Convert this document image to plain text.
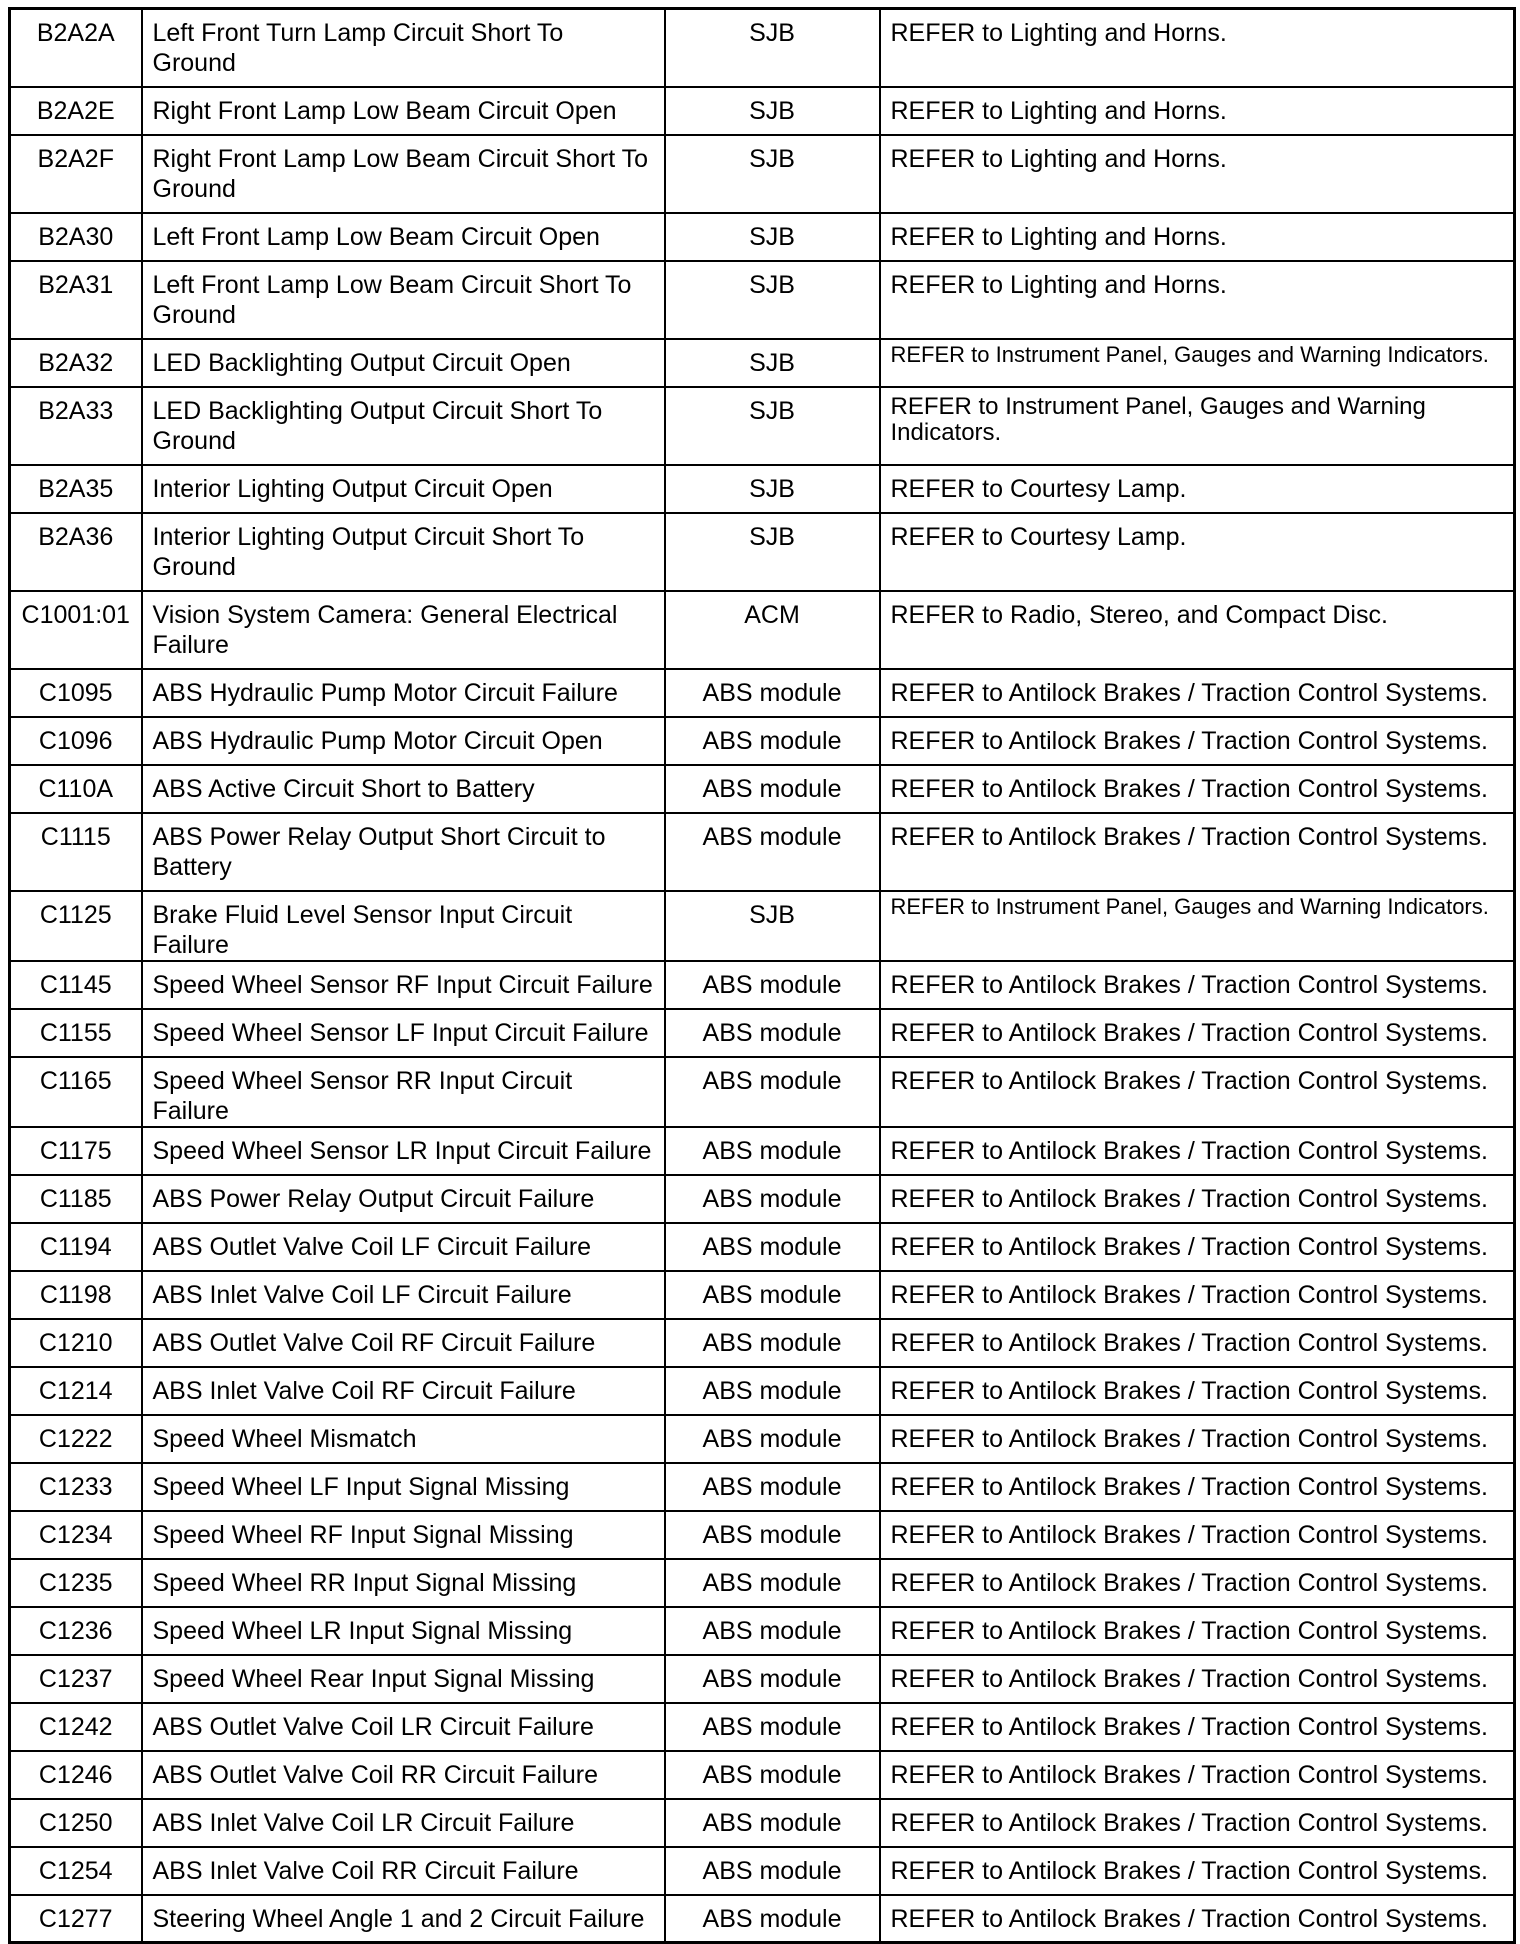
B2A2A	Left Front Turn Lamp Circuit Short To Ground	SJB	REFER to Lighting and Horns.
B2A2E	Right Front Lamp Low Beam Circuit Open	SJB	REFER to Lighting and Horns.
B2A2F	Right Front Lamp Low Beam Circuit Short To Ground	SJB	REFER to Lighting and Horns.
B2A30	Left Front Lamp Low Beam Circuit Open	SJB	REFER to Lighting and Horns.
B2A31	Left Front Lamp Low Beam Circuit Short To Ground	SJB	REFER to Lighting and Horns.
B2A32	LED Backlighting Output Circuit Open	SJB	REFER to Instrument Panel, Gauges and Warning Indicators.
B2A33	LED Backlighting Output Circuit Short To Ground	SJB	REFER to Instrument Panel, Gauges and Warning Indicators.
B2A35	Interior Lighting Output Circuit Open	SJB	REFER to Courtesy Lamp.
B2A36	Interior Lighting Output Circuit Short To Ground	SJB	REFER to Courtesy Lamp.
C1001:01	Vision System Camera: General Electrical Failure	ACM	REFER to Radio, Stereo, and Compact Disc.
C1095	ABS Hydraulic Pump Motor Circuit Failure	ABS module	REFER to Antilock Brakes / Traction Control Systems.
C1096	ABS Hydraulic Pump Motor Circuit Open	ABS module	REFER to Antilock Brakes / Traction Control Systems.
C110A	ABS Active Circuit Short to Battery	ABS module	REFER to Antilock Brakes / Traction Control Systems.
C1115	ABS Power Relay Output Short Circuit to Battery	ABS module	REFER to Antilock Brakes / Traction Control Systems.
C1125	Brake Fluid Level Sensor Input Circuit Failure	SJB	REFER to Instrument Panel, Gauges and Warning Indicators.
C1145	Speed Wheel Sensor RF Input Circuit Failure	ABS module	REFER to Antilock Brakes / Traction Control Systems.
C1155	Speed Wheel Sensor LF Input Circuit Failure	ABS module	REFER to Antilock Brakes / Traction Control Systems.
C1165	Speed Wheel Sensor RR Input Circuit Failure	ABS module	REFER to Antilock Brakes / Traction Control Systems.
C1175	Speed Wheel Sensor LR Input Circuit Failure	ABS module	REFER to Antilock Brakes / Traction Control Systems.
C1185	ABS Power Relay Output Circuit Failure	ABS module	REFER to Antilock Brakes / Traction Control Systems.
C1194	ABS Outlet Valve Coil LF Circuit Failure	ABS module	REFER to Antilock Brakes / Traction Control Systems.
C1198	ABS Inlet Valve Coil LF Circuit Failure	ABS module	REFER to Antilock Brakes / Traction Control Systems.
C1210	ABS Outlet Valve Coil RF Circuit Failure	ABS module	REFER to Antilock Brakes / Traction Control Systems.
C1214	ABS Inlet Valve Coil RF Circuit Failure	ABS module	REFER to Antilock Brakes / Traction Control Systems.
C1222	Speed Wheel Mismatch	ABS module	REFER to Antilock Brakes / Traction Control Systems.
C1233	Speed Wheel LF Input Signal Missing	ABS module	REFER to Antilock Brakes / Traction Control Systems.
C1234	Speed Wheel RF Input Signal Missing	ABS module	REFER to Antilock Brakes / Traction Control Systems.
C1235	Speed Wheel RR Input Signal Missing	ABS module	REFER to Antilock Brakes / Traction Control Systems.
C1236	Speed Wheel LR Input Signal Missing	ABS module	REFER to Antilock Brakes / Traction Control Systems.
C1237	Speed Wheel Rear Input Signal Missing	ABS module	REFER to Antilock Brakes / Traction Control Systems.
C1242	ABS Outlet Valve Coil LR Circuit Failure	ABS module	REFER to Antilock Brakes / Traction Control Systems.
C1246	ABS Outlet Valve Coil RR Circuit Failure	ABS module	REFER to Antilock Brakes / Traction Control Systems.
C1250	ABS Inlet Valve Coil LR Circuit Failure	ABS module	REFER to Antilock Brakes / Traction Control Systems.
C1254	ABS Inlet Valve Coil RR Circuit Failure	ABS module	REFER to Antilock Brakes / Traction Control Systems.
C1277	Steering Wheel Angle 1 and 2 Circuit Failure	ABS module	REFER to Antilock Brakes / Traction Control Systems.
